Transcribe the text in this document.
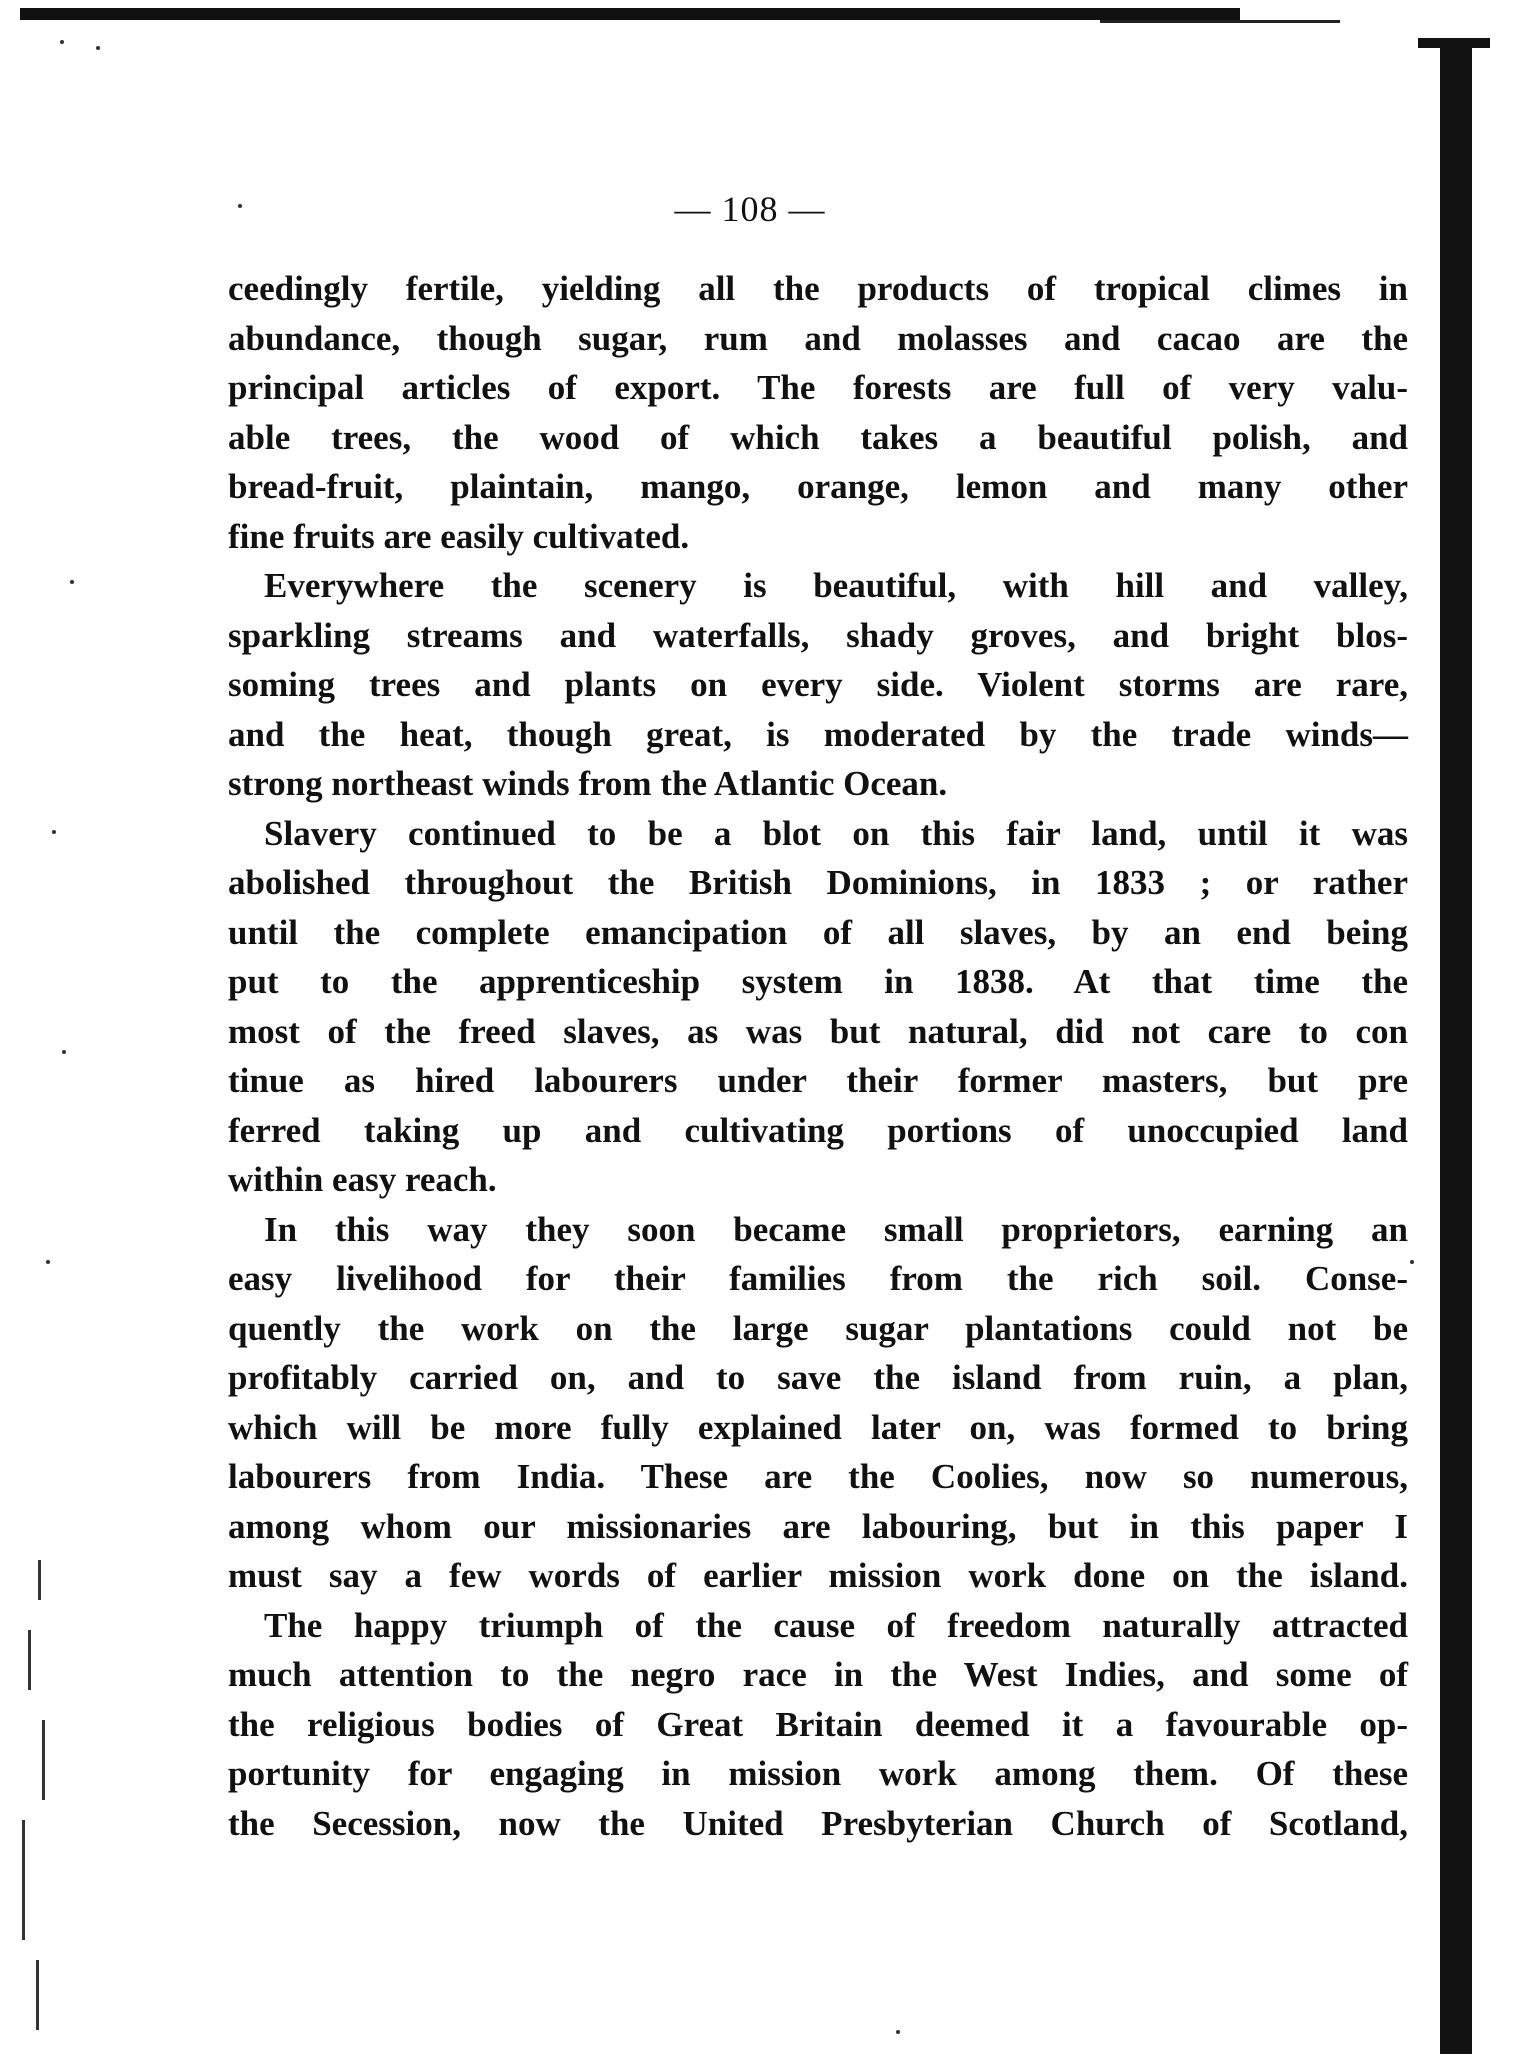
— 108 —
ceedingly fertile, yielding all the products of tropical climes in
abundance, though sugar, rum and molasses and cacao are the
principal articles of export. The forests are full of very valu-
able trees, the wood of which takes a beautiful polish, and
bread-fruit, plaintain, mango, orange, lemon and many other
fine fruits are easily cultivated.
Everywhere the scenery is beautiful, with hill and valley,
sparkling streams and waterfalls, shady groves, and bright blos-
soming trees and plants on every side. Violent storms are rare,
and the heat, though great, is moderated by the trade winds—
strong northeast winds from the Atlantic Ocean.
Slavery continued to be a blot on this fair land, until it was
abolished throughout the British Dominions, in 1833 ; or rather
until the complete emancipation of all slaves, by an end being
put to the apprenticeship system in 1838. At that time the
most of the freed slaves, as was but natural, did not care to con
tinue as hired labourers under their former masters, but pre
ferred taking up and cultivating portions of unoccupied land
within easy reach.
In this way they soon became small proprietors, earning an
easy livelihood for their families from the rich soil. Conse-
quently the work on the large sugar plantations could not be
profitably carried on, and to save the island from ruin, a plan,
which will be more fully explained later on, was formed to bring
labourers from India. These are the Coolies, now so numerous,
among whom our missionaries are labouring, but in this paper I
must say a few words of earlier mission work done on the island.
The happy triumph of the cause of freedom naturally attracted
much attention to the negro race in the West Indies, and some of
the religious bodies of Great Britain deemed it a favourable op-
portunity for engaging in mission work among them. Of these
the Secession, now the United Presbyterian Church of Scotland,
